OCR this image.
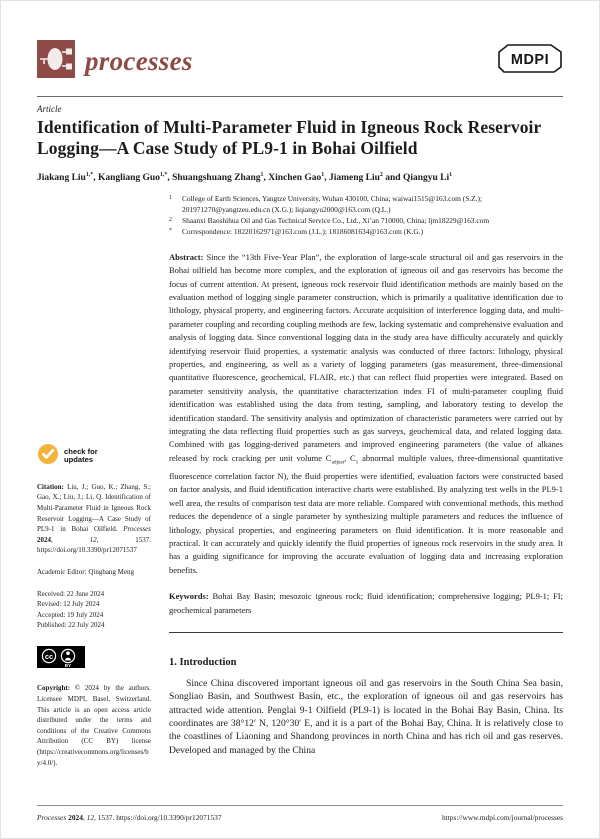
processes	MDPI
Article
Identification of Multi-Parameter Fluid in Igneous Rock Reservoir Logging—A Case Study of PL9-1 in Bohai Oilfield
Jiakang Liu$^{1,*}$, Kangliang Guo$^{1,*}$, Shuangshuang Zhang$^1$, Xinchen Gao$^1$, Jiameng Liu$^2$ and Qiangyu Li$^1$
check for
updates
Citation: Liu, J.; Guo, K.; Zhang, S.; Gao, X.; Liu, J.; Li, Q. Identification of Multi-Parameter Fluid in Igneous Rock Reservoir Logging—A Case Study of PL9-1 in Bohai Oilfield. Processes 2024, 12, 1537. https://doi.org/10.3390/pr12071537
Academic Editor: Qingbang Meng
Received: 22 June 2024
Revised: 12 July 2024
Accepted: 19 July 2024
Published: 22 July 2024
cc
BY
Copyright: © 2024 by the authors. Licensee MDPI, Basel, Switzerland. This article is an open access article distributed under the terms and conditions of the Creative Commons Attribution (CC BY) license (https://creativecommons.org/licenses/by/4.0/).
1	College of Earth Sciences, Yangtze University, Wuhan 430100, China; waiwai1515@163.com (S.Z.); 201971270@yangtzeu.edu.cn (X.G.); liqiangyu2000@163.com (Q.L.)
2	Shaanxi Baoshihua Oil and Gas Technical Service Co., Ltd., Xi’an 710000, China; ljm18229@163.com
*	Correspondence: 18220162971@163.com (J.L.); 18186081634@163.com (K.G.)
Abstract: Since the “13th Five-Year Plan”, the exploration of large-scale structural oil and gas reservoirs in the Bohai oilfield has become more complex, and the exploration of igneous oil and gas reservoirs has become the focus of current attention. At present, igneous rock reservoir fluid identification methods are mainly based on the evaluation method of logging single parameter construction, which is primarily a qualitative identification due to lithology, physical property, and engineering factors. Accurate acquisition of interference logging data, and multi-parameter coupling and recording coupling methods are few, lacking systematic and comprehensive evaluation and analysis of logging data. Since conventional logging data in the study area have difficulty accurately and quickly identifying reservoir fluid properties, a systematic analysis was conducted of three factors: lithology, physical properties, and engineering, as well as a variety of logging parameters (gas measurement, three-dimensional quantitative fluorescence, geochemical, FLAIR, etc.) that can reflect fluid properties were integrated. Based on parameter sensitivity analysis, the quantitative characterization index FI of multi-parameter coupling fluid identification was established using the data from testing, sampling, and laboratory testing to develop the identification standard. The sensitivity analysis and optimization of characteristic parameters were carried out by integrating the data reflecting fluid properties such as gas surveys, geochemical data, and related logging data. Combined with gas logging-derived parameters and improved engineering parameters (the value of alkanes released by rock cracking per unit volume $C_{adjust}$, $C_1$ abnormal multiple values, three-dimensional quantitative fluorescence correlation factor N), the fluid properties were identified, evaluation factors were constructed based on factor analysis, and fluid identification interactive charts were established. By analyzing test wells in the PL9-1 well area, the results of comparison test data are more reliable. Compared with conventional methods, this method reduces the dependence of a single parameter by synthesizing multiple parameters and reduces the influence of lithology, physical properties, and engineering parameters on fluid identification. It is more reasonable and practical. It can accurately and quickly identify the fluid properties of igneous rock reservoirs in the study area. It has a guiding significance for improving the accurate evaluation of logging data and increasing exploration benefits.
Keywords: Bohai Bay Basin; mesozoic igneous rock; fluid identification; comprehensive logging; PL9-1; FI; geochemical parameters
1. Introduction
Since China discovered important igneous oil and gas reservoirs in the South China Sea basin, Songliao Basin, and Southwest Basin, etc., the exploration of igneous oil and gas reservoirs has attracted wide attention. Penglai 9-1 Oilfield (PL9-1) is located in the Bohai Bay Basin, China. Its coordinates are 38°12′ N, 120°30′ E, and it is a part of the Bohai Bay, China. It is relatively close to the coastlines of Liaoning and Shandong provinces in north China and has rich oil and gas reserves. Developed and managed by the China
Processes 2024, 12, 1537. https://doi.org/10.3390/pr12071537	https://www.mdpi.com/journal/processes
